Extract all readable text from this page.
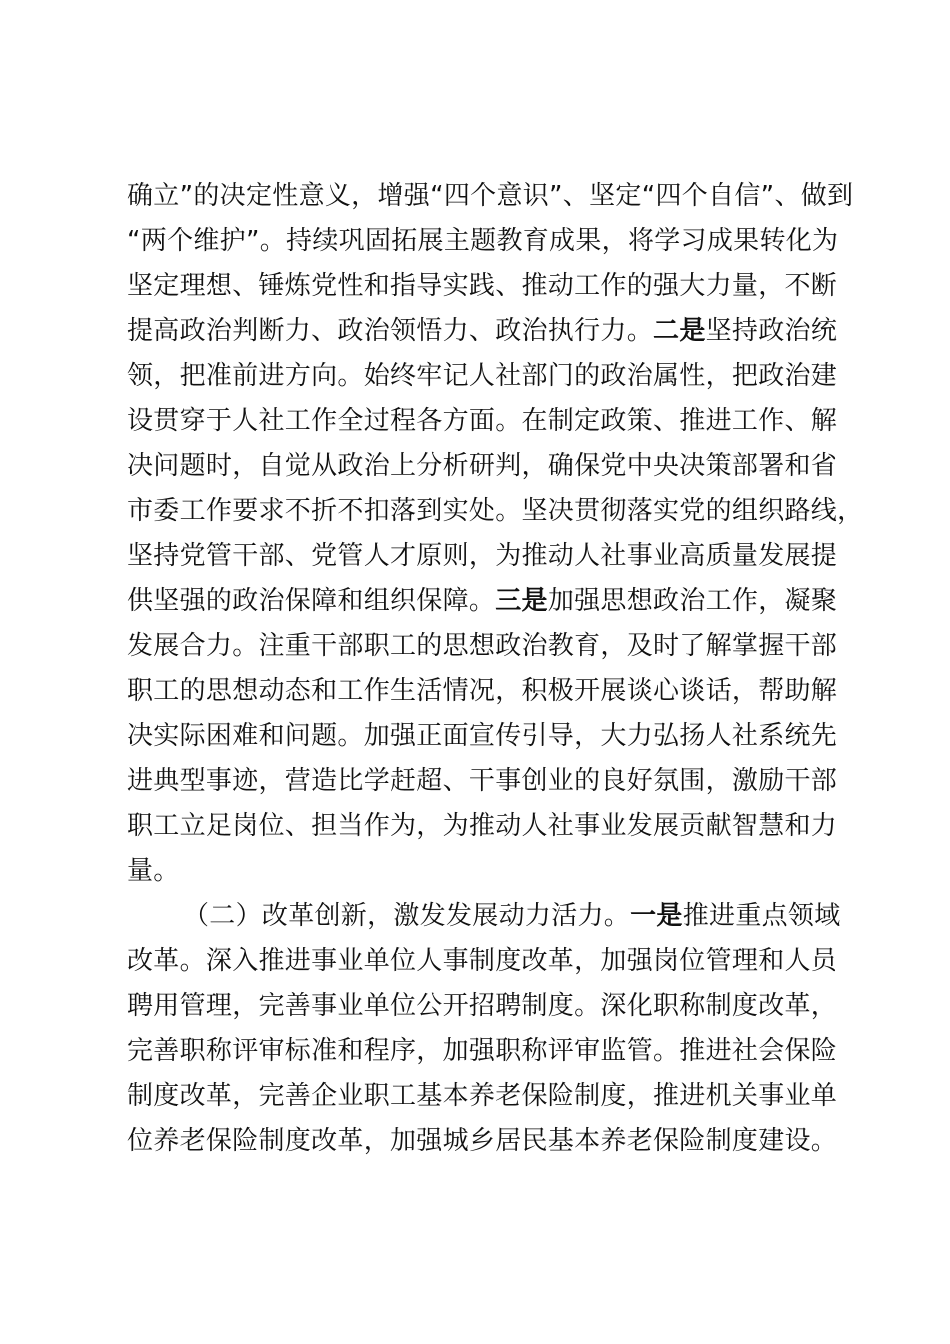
确立”的决定性意义，增强“四个意识”、坚定“四个自信”、做到
“两个维护”。持续巩固拓展主题教育成果，将学习成果转化为
坚定理想、锤炼党性和指导实践、推动工作的强大力量，不断
提高政治判断力、政治领悟力、政治执行力。二是坚持政治统
领，把准前进方向。始终牢记人社部门的政治属性，把政治建
设贯穿于人社工作全过程各方面。在制定政策、推进工作、解
决问题时，自觉从政治上分析研判，确保党中央决策部署和省
市委工作要求不折不扣落到实处。坚决贯彻落实党的组织路线，
坚持党管干部、党管人才原则，为推动人社事业高质量发展提
供坚强的政治保障和组织保障。三是加强思想政治工作，凝聚
发展合力。注重干部职工的思想政治教育，及时了解掌握干部
职工的思想动态和工作生活情况，积极开展谈心谈话，帮助解
决实际困难和问题。加强正面宣传引导，大力弘扬人社系统先
进典型事迹，营造比学赶超、干事创业的良好氛围，激励干部
职工立足岗位、担当作为，为推动人社事业发展贡献智慧和力
量。
（二）改革创新，激发发展动力活力。一是推进重点领域
改革。深入推进事业单位人事制度改革，加强岗位管理和人员
聘用管理，完善事业单位公开招聘制度。深化职称制度改革，
完善职称评审标准和程序，加强职称评审监管。推进社会保险
制度改革，完善企业职工基本养老保险制度，推进机关事业单
位养老保险制度改革，加强城乡居民基本养老保险制度建设。
